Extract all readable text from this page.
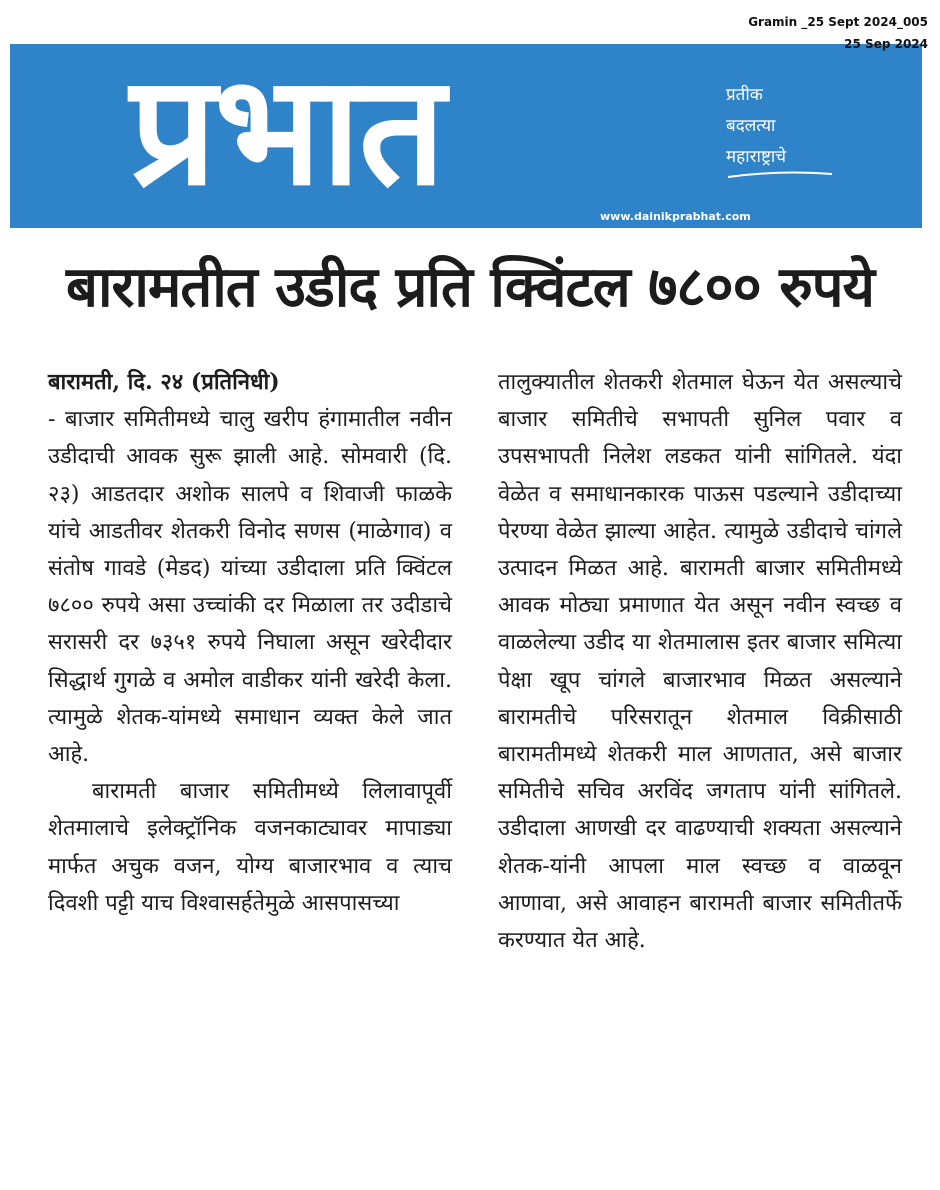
प्रभात	प्रतीक
बदलत्या
महाराष्ट्राचे
www.dainikprabhat.com
Gramin _25 Sept 2024_005
25 Sep 2024
बारामतीत उडीद प्रति क्विंटल ७८०० रुपये

बारामती, दि. २४ (प्रतिनिधी)

- बाजार समितीमध्ये चालु खरीप हंगामातील नवीन उडीदाची आवक सुरू झाली आहे. सोमवारी (दि. २३) आडतदार अशोक सालपे व शिवाजी फाळके यांचे आडतीवर शेतकरी विनोद सणस (माळेगाव) व संतोष गावडे (मेडद) यांच्या उडीदाला प्रति क्विंटल ७८०० रुपये असा उच्चांकी दर मिळाला तर उदीडाचे सरासरी दर ७३५१ रुपये निघाला असून खरेदीदार सिद्धार्थ गुगळे व अमोल वाडीकर यांनी खरेदी केला. त्यामुळे शेतक-यांमध्ये समाधान व्यक्त केले जात आहे.

बारामती बाजार समितीमध्ये लिलावापूर्वी शेतमालाचे इलेक्ट्रॉनिक वजनकाट्यावर मापाड्या मार्फत अचुक वजन, योग्य बाजारभाव व त्याच दिवशी पट्टी याच विश्वासर्हतेमुळे आसपासच्या

तालुक्यातील शेतकरी शेतमाल घेऊन येत असल्याचे बाजार समितीचे सभापती सुनिल पवार व उपसभापती निलेश लडकत यांनी सांगितले. यंदा वेळेत व समाधानकारक पाऊस पडल्याने उडीदाच्या पेरण्या वेळेत झाल्या आहेत. त्यामुळे उडीदाचे चांगले उत्पादन मिळत आहे. बारामती बाजार समितीमध्ये आवक मोठ्या प्रमाणात येत असून नवीन स्वच्छ व वाळलेल्या उडीद या शेतमालास इतर बाजार समित्या पेक्षा खूप चांगले बाजारभाव मिळत असल्याने बारामतीचे परिसरातून शेतमाल विक्रीसाठी बारामतीमध्ये शेतकरी माल आणतात, असे बाजार समितीचे सचिव अरविंद जगताप यांनी सांगितले. उडीदाला आणखी दर वाढण्याची शक्यता असल्याने शेतक-यांनी आपला माल स्वच्छ व वाळवून आणावा, असे आवाहन बारामती बाजार समितीतर्फे करण्यात येत आहे.
